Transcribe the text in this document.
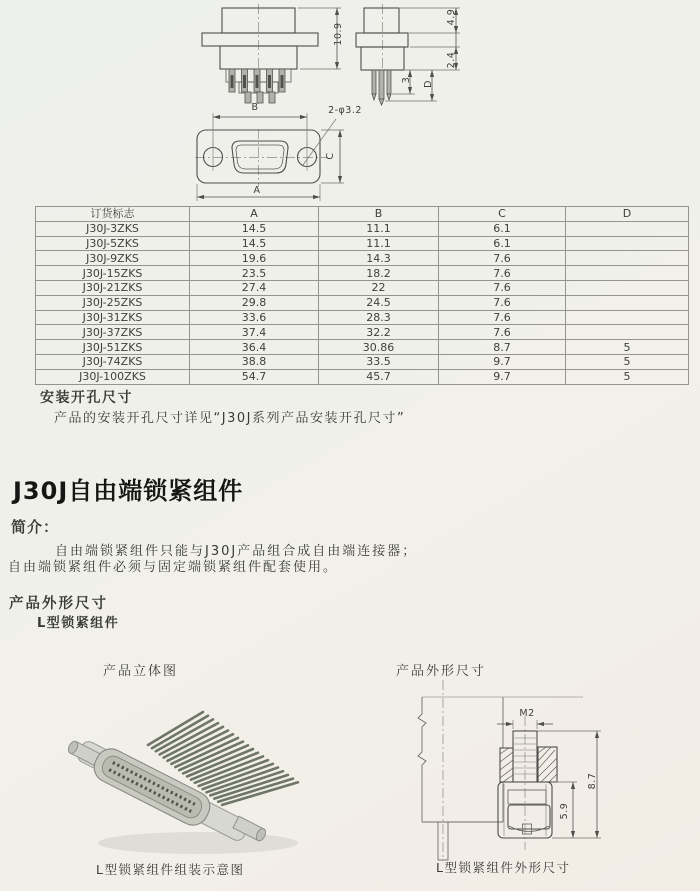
10.9
4.9
2.4
3
D
B	2-φ3.2
C
A
订货标志	A	B	C	D
J30J-3ZKS	14.5	11.1	6.1	
J30J-5ZKS	14.5	11.1	6.1	
J30J-9ZKS	19.6	14.3	7.6	
J30J-15ZKS	23.5	18.2	7.6	
J30J-21ZKS	27.4	22	7.6	
J30J-25ZKS	29.8	24.5	7.6	
J30J-31ZKS	33.6	28.3	7.6	
J30J-37ZKS	37.4	32.2	7.6	
J30J-51ZKS	36.4	30.86	8.7	5
J30J-74ZKS	38.8	33.5	9.7	5
J30J-100ZKS	54.7	45.7	9.7	5
安装开孔尺寸
产品的安装开孔尺寸详见“J30J系列产品安装开孔尺寸”
J30J自由端锁紧组件
简介：
自由端锁紧组件只能与J30J产品组合成自由端连接器；
自由端锁紧组件必须与固定端锁紧组件配套使用。
产品外形尺寸
L型锁紧组件
产品立体图	产品外形尺寸
M2
8.7
5.9
L型锁紧组件组装示意图	L型锁紧组件外形尺寸
